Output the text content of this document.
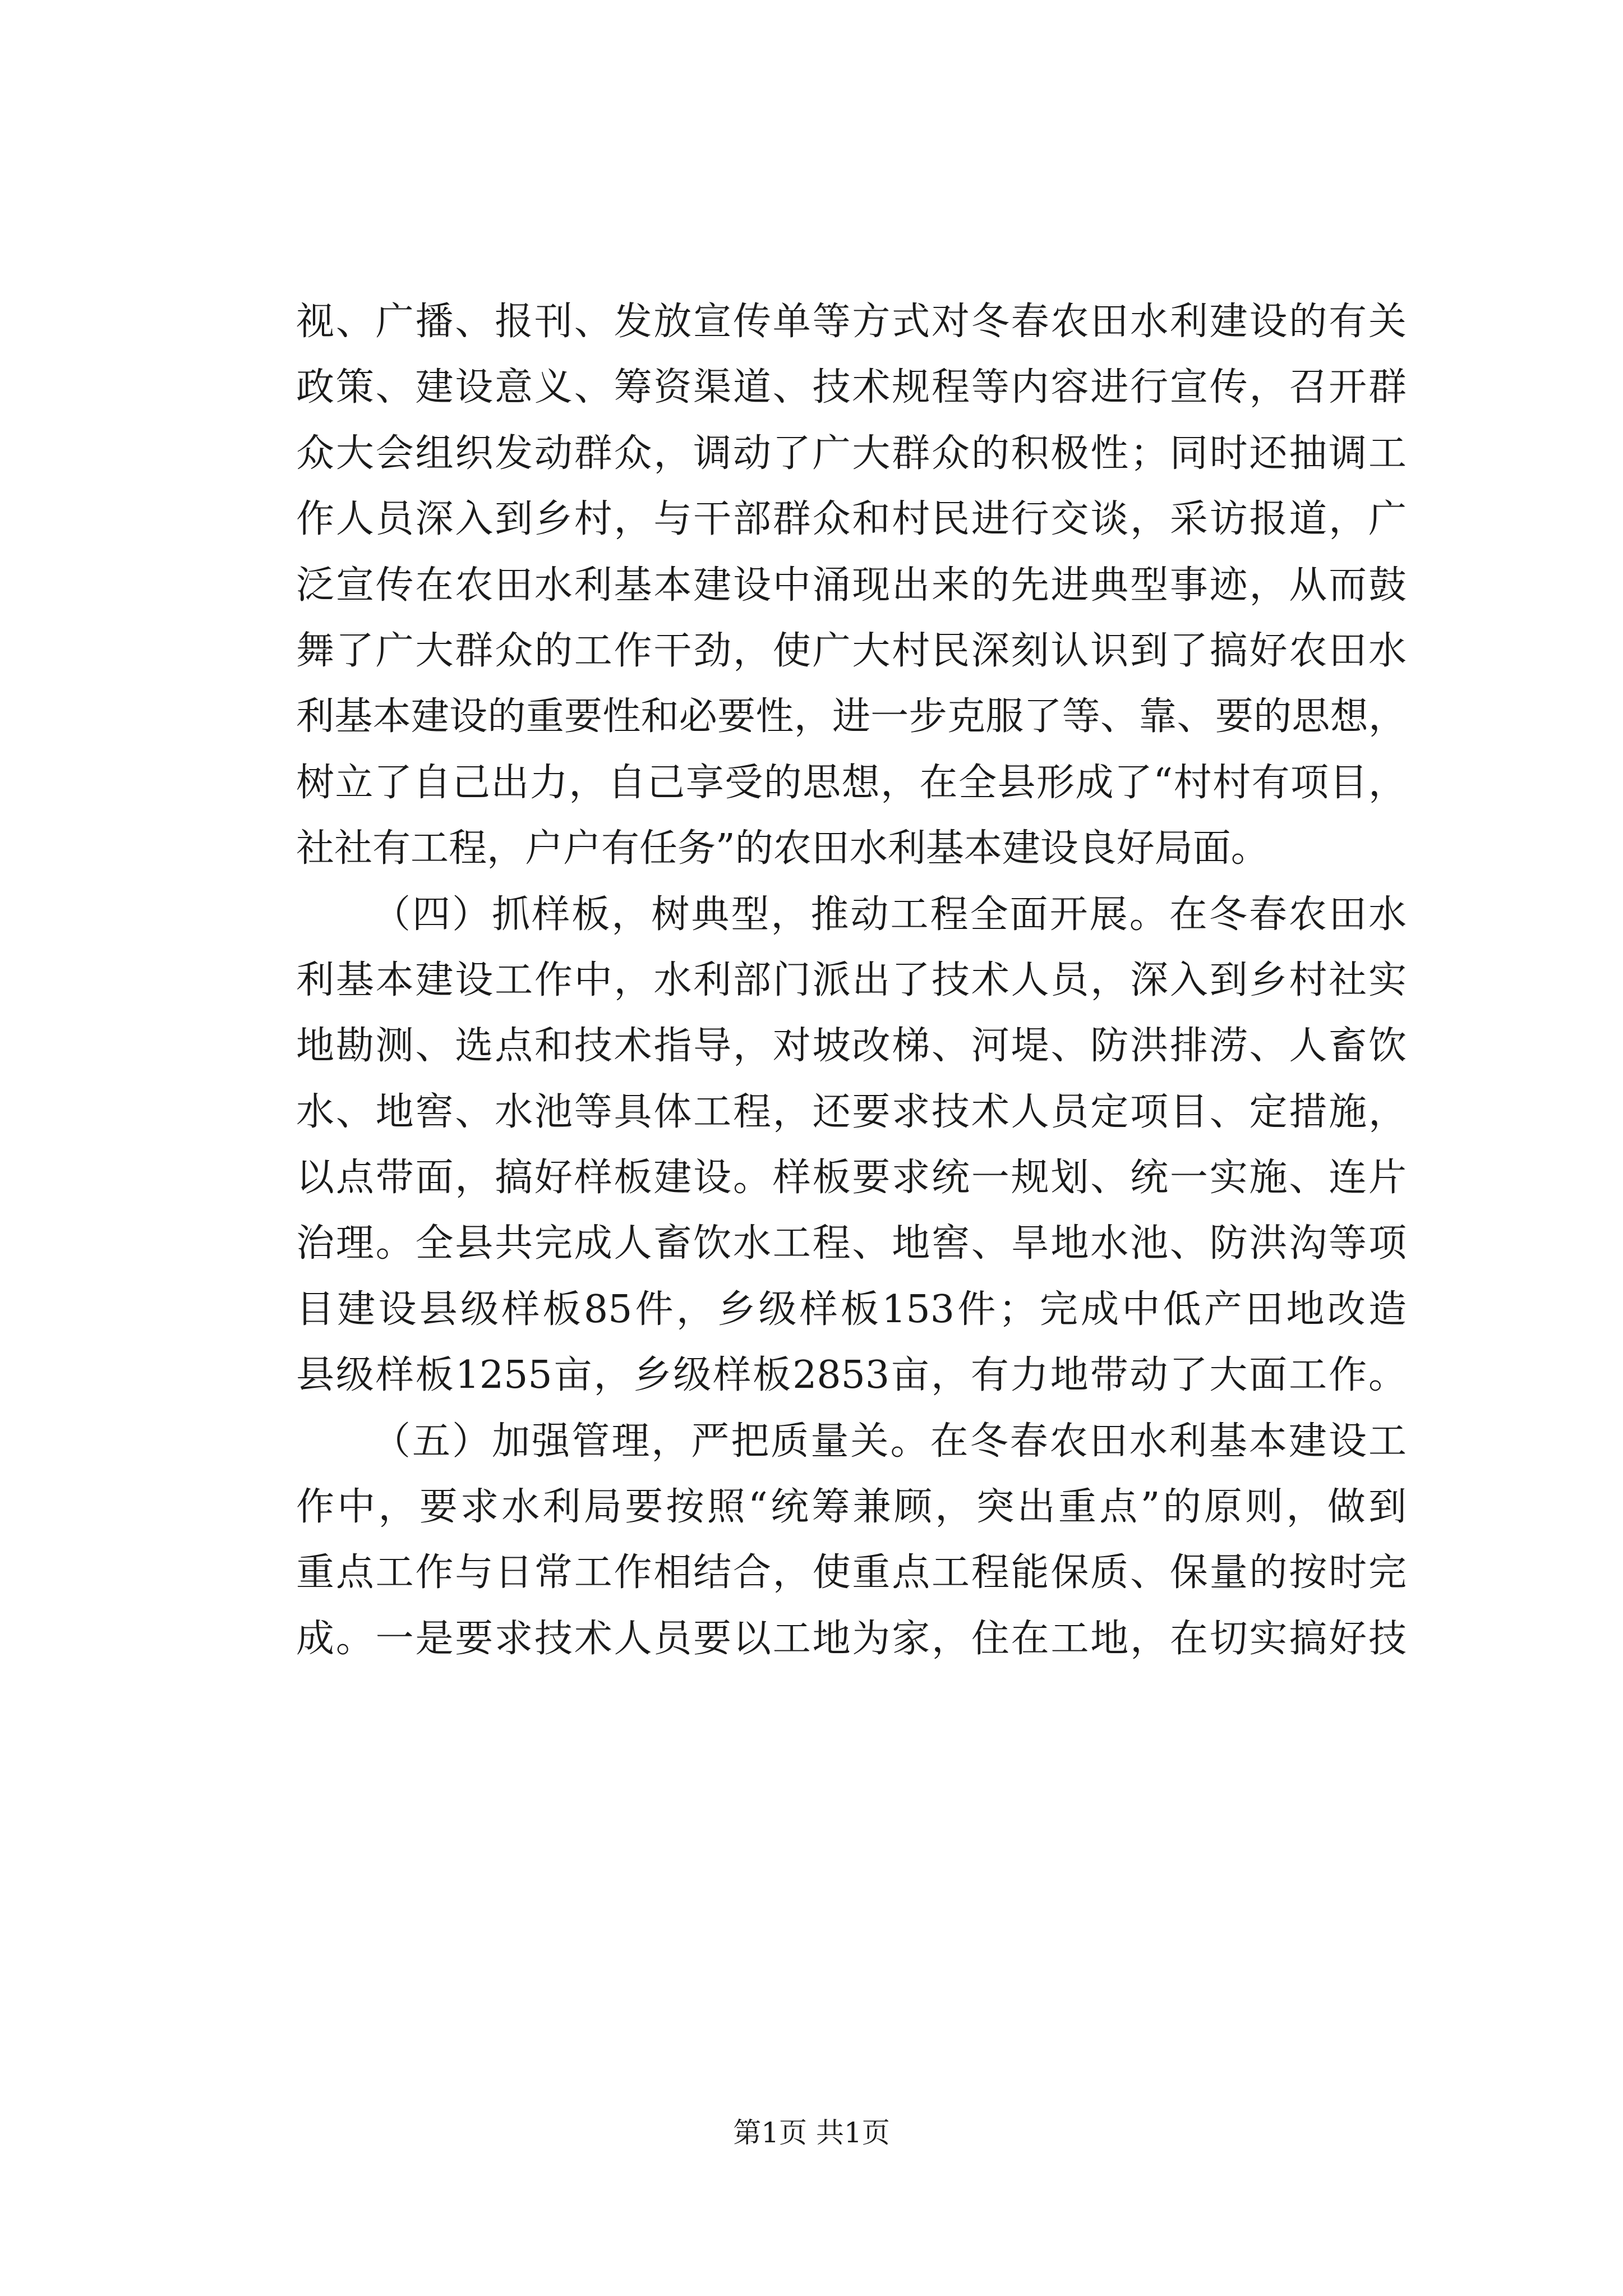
视、广播、报刊、发放宣传单等方式对冬春农田水利建设的有关
政策、建设意义、筹资渠道、技术规程等内容进行宣传，召开群
众大会组织发动群众，调动了广大群众的积极性；同时还抽调工
作人员深入到乡村，与干部群众和村民进行交谈，采访报道，广
泛宣传在农田水利基本建设中涌现出来的先进典型事迹，从而鼓
舞了广大群众的工作干劲，使广大村民深刻认识到了搞好农田水
利基本建设的重要性和必要性，进一步克服了等、靠、要的思想，
树立了自己出力，自己享受的思想，在全县形成了“村村有项目，
社社有工程，户户有任务”的农田水利基本建设良好局面。
（四）抓样板，树典型，推动工程全面开展。在冬春农田水
利基本建设工作中，水利部门派出了技术人员，深入到乡村社实
地勘测、选点和技术指导，对坡改梯、河堤、防洪排涝、人畜饮
水、地窖、水池等具体工程，还要求技术人员定项目、定措施，
以点带面，搞好样板建设。样板要求统一规划、统一实施、连片
治理。全县共完成人畜饮水工程、地窖、旱地水池、防洪沟等项
目建设县级样板85件，乡级样板153件；完成中低产田地改造
县级样板1255亩，乡级样板2853亩，有力地带动了大面工作。
（五）加强管理，严把质量关。在冬春农田水利基本建设工
作中，要求水利局要按照“统筹兼顾，突出重点”的原则，做到
重点工作与日常工作相结合，使重点工程能保质、保量的按时完
成。一是要求技术人员要以工地为家，住在工地，在切实搞好技
第1页 共1页
